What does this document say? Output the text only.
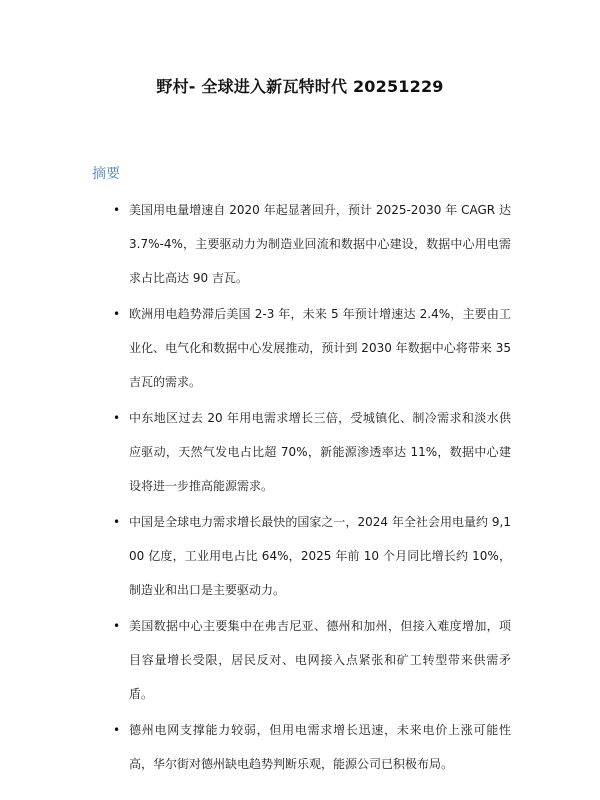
野村- 全球进入新瓦特时代 20251229
摘要
• 美国用电量增速自 2020 年起显著回升，预计 2025-2030 年 CAGR 达 3.7%-4%，主要驱动力为制造业回流和数据中心建设，数据中心用电需求占比高达 90 吉瓦。
• 欧洲用电趋势滞后美国 2-3 年，未来 5 年预计增速达 2.4%，主要由工业化、电气化和数据中心发展推动，预计到 2030 年数据中心将带来 35 吉瓦的需求。
• 中东地区过去 20 年用电需求增长三倍，受城镇化、制冷需求和淡水供应驱动，天然气发电占比超 70%，新能源渗透率达 11%，数据中心建设将进一步推高能源需求。
• 中国是全球电力需求增长最快的国家之一，2024 年全社会用电量约 9,100 亿度，工业用电占比 64%，2025 年前 10 个月同比增长约 10%，制造业和出口是主要驱动力。
• 美国数据中心主要集中在弗吉尼亚、德州和加州，但接入难度增加，项目容量增长受限，居民反对、电网接入点紧张和矿工转型带来供需矛盾。
• 德州电网支撑能力较弱，但用电需求增长迅速，未来电价上涨可能性高，华尔街对德州缺电趋势判断乐观，能源公司已积极布局。
